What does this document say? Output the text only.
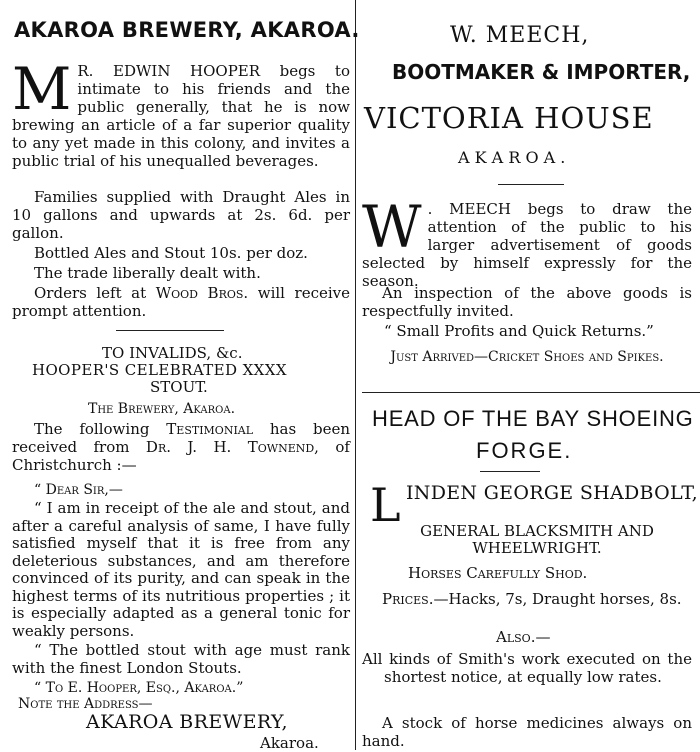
AKAROA BREWERY, AKAROA.
M R. EDWIN HOOPER begs to intimate to his friends and the public generally, that he is now brewing an article of a far superior quality to any yet made in this colony, and invites a public trial of his unequalled beverages.
Families supplied with Draught Ales in 10 gallons and upwards at 2s. 6d. per gallon.
Bottled Ales and Stout 10s. per doz.
The trade liberally dealt with.
Orders left at Wood Bros. will receive prompt attention.
TO INVALIDS, &c.
HOOPER'S CELEBRATED XXXX
STOUT.
The Brewery, Akaroa.
The following Testimonial has been received from Dr. J. H. Townend, of Christchurch :—
“ Dear Sir,—
“ I am in receipt of the ale and stout, and after a careful analysis of same, I have fully satisfied myself that it is free from any deleterious substances, and am therefore convinced of its purity, and can speak in the highest terms of its nutritious properties ; it is especially adapted as a general tonic for weakly persons.
“ The bottled stout with age must rank with the finest London Stouts.
“ To E. Hooper, Esq., Akaroa.”
Note the Address—
AKAROA BREWERY,
Akaroa.
W. MEECH,
BOOTMAKER & IMPORTER,
VICTORIA HOUSE
A K A R O A .
W . MEECH begs to draw the attention of the public to his larger advertisement of goods selected by himself expressly for the season.
An inspection of the above goods is respectfully invited.
“ Small Profits and Quick Returns.”
Just Arrived—Cricket Shoes and Spikes.
HEAD OF THE BAY SHOEING
FORGE.
L INDEN GEORGE SHADBOLT,
GENERAL BLACKSMITH AND WHEELWRIGHT.
Horses Carefully Shod.
Prices.—Hacks, 7s, Draught horses, 8s.
Also.—
All kinds of Smith's work executed on the shortest notice, at equally low rates.
A stock of horse medicines always on hand.
